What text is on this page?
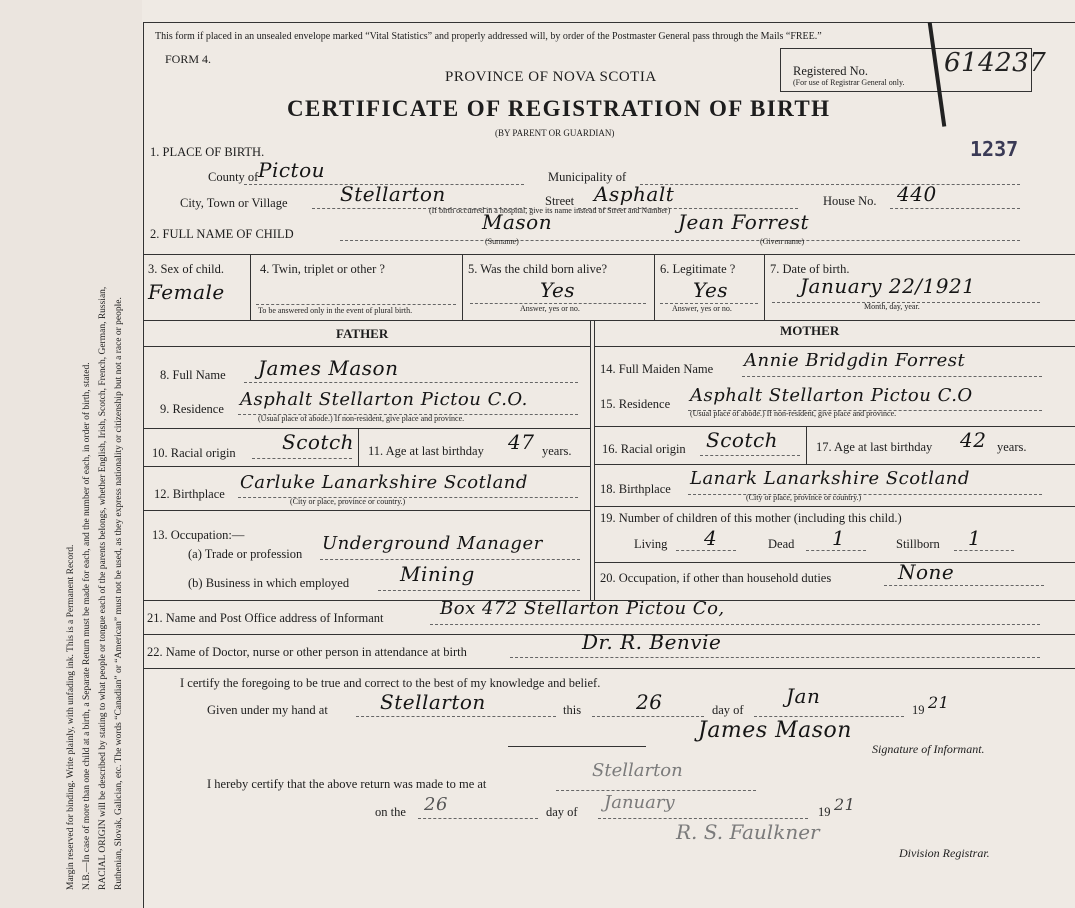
Margin reserved for binding. Write plainly, with unfading ink. This is a Permanent Record. N.B.—In case of more than one child at a birth, a Separate Return must be made for each, and the number of each, in order of birth, stated. RACIAL ORIGIN will be described by stating to what people or tongue each of the parents belongs, whether English, Irish, Scotch, French, German, Russian, Ruthenian, Slovak, Galician, etc. The words “Canadian” or “American” must not be used, as they express nationality or citizenship but not a race or people.
This form if placed in an unsealed envelope marked “Vital Statistics” and properly addressed will, by order of the Postmaster General pass through the Mails “FREE.”
FORM 4.
PROVINCE OF NOVA SCOTIA
CERTIFICATE OF REGISTRATION OF BIRTH
(BY PARENT OR GUARDIAN)
Registered No.
(For use of Registrar General only.
614237
1237
1. PLACE OF BIRTH.
County of Pictou	Municipality of
City, Town or Village	Stellarton	Street Asphalt	House No. 440
(If birth occurred in a hospital, give its name instead of Street and Number)
2. FULL NAME OF CHILD	Mason	Jean Forrest
(Surname)	(Given name)
3. Sex of child.
Female
4. Twin, triplet or other ?
To be answered only in the event of plural birth.
5. Was the child born alive?
Yes
Answer, yes or no.
6. Legitimate ?
Yes
Answer, yes or no.
7. Date of birth.
January 22/1921
Month, day, year.
FATHER	MOTHER
8. Full Name James Mason
9. Residence Asphalt Stellarton Pictou C.O.
(Usual place of abode.) If non-resident, give place and province.
10. Racial origin Scotch 11. Age at last birthday 47 years.
12. Birthplace
Carluke Lanarkshire Scotland
(City or place, province or country.)
13. Occupation:—
(a) Trade or profession Underground Manager
(b) Business in which employed	Mining
14. Full Maiden Name Annie Bridgdin Forrest
15. Residence Asphalt Stellarton Pictou C.O
(Usual place of abode.) If non-resident, give place and province.
16. Racial origin Scotch	17. Age at last birthday 42 years.
18. Birthplace Lanark Lanarkshire Scotland
(City or place, province or country.)
19. Number of children of this mother (including this child.)
Living 4	Dead 1	Stillborn 1
20. Occupation, if other than household duties	None
21. Name and Post Office address of Informant	Box 472 Stellarton Pictou Co,
22. Name of Doctor, nurse or other person in attendance at birth	Dr. R. Benvie
I certify the foregoing to be true and correct to the best of my knowledge and belief.
Given under my hand at	Stellarton	this	26	day of
Jan
19 21
James Mason
Signature of Informant.
I hereby certify that the above return was made to me at
Stellarton
on the 26	day of January	19 21
R. S. Faulkner
Division Registrar.
